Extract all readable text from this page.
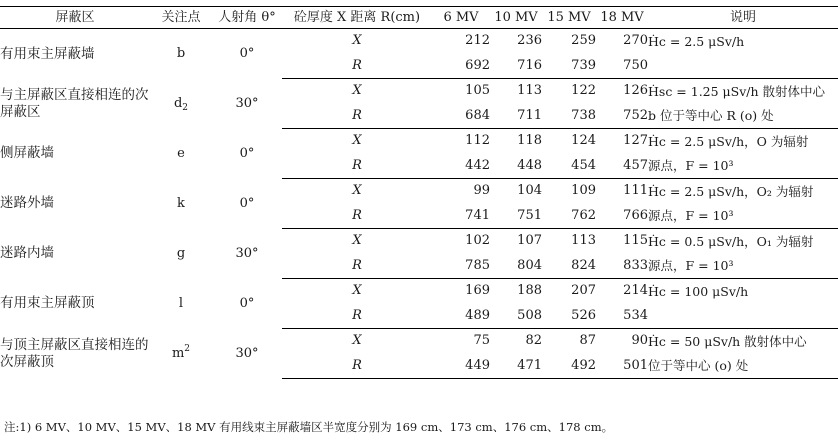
屏蔽区	关注点	人射角 θ°	砼厚度 X 距离 R(cm)	6 MV	10 MV	15 MV	18 MV	说明
有用束主屏蔽墙	b	0°	X	212	236	259	270	Ḣc = 2.5 μSv/h
			R	692	716	739	750	
与主屏蔽区直接相连的次屏蔽区	$d_2$	30°	X	105	113	122	126	Ḣsc = 1.25 μSv/h 散射体中心
			R	684	711	738	752	b 位于等中心 R (o) 处
侧屏蔽墙	e	0°	X	112	118	124	127	Ḣc = 2.5 μSv/h，O 为辐射
			R	442	448	454	457	源点，F = 10³
迷路外墙	k	0°	X	99	104	109	111	Ḣc = 2.5 μSv/h，O₂ 为辐射
			R	741	751	762	766	源点，F = 10³
迷路内墙	g	30°	X	102	107	113	115	Ḣc = 0.5 μSv/h，O₁ 为辐射
			R	785	804	824	833	源点，F = 10³
有用束主屏蔽顶	l	0°	X	169	188	207	214	Ḣc = 100 μSv/h
			R	489	508	526	534	
与顶主屏蔽区直接相连的次屏蔽顶	$m^2$	30°	X	75	82	87	90	Ḣc = 50 μSv/h 散射体中心
			R	449	471	492	501	位于等中心 (o) 处
注:1) 6 MV、10 MV、15 MV、18 MV 有用线束主屏蔽墙区半宽度分别为 169 cm、173 cm、176 cm、178 cm。
